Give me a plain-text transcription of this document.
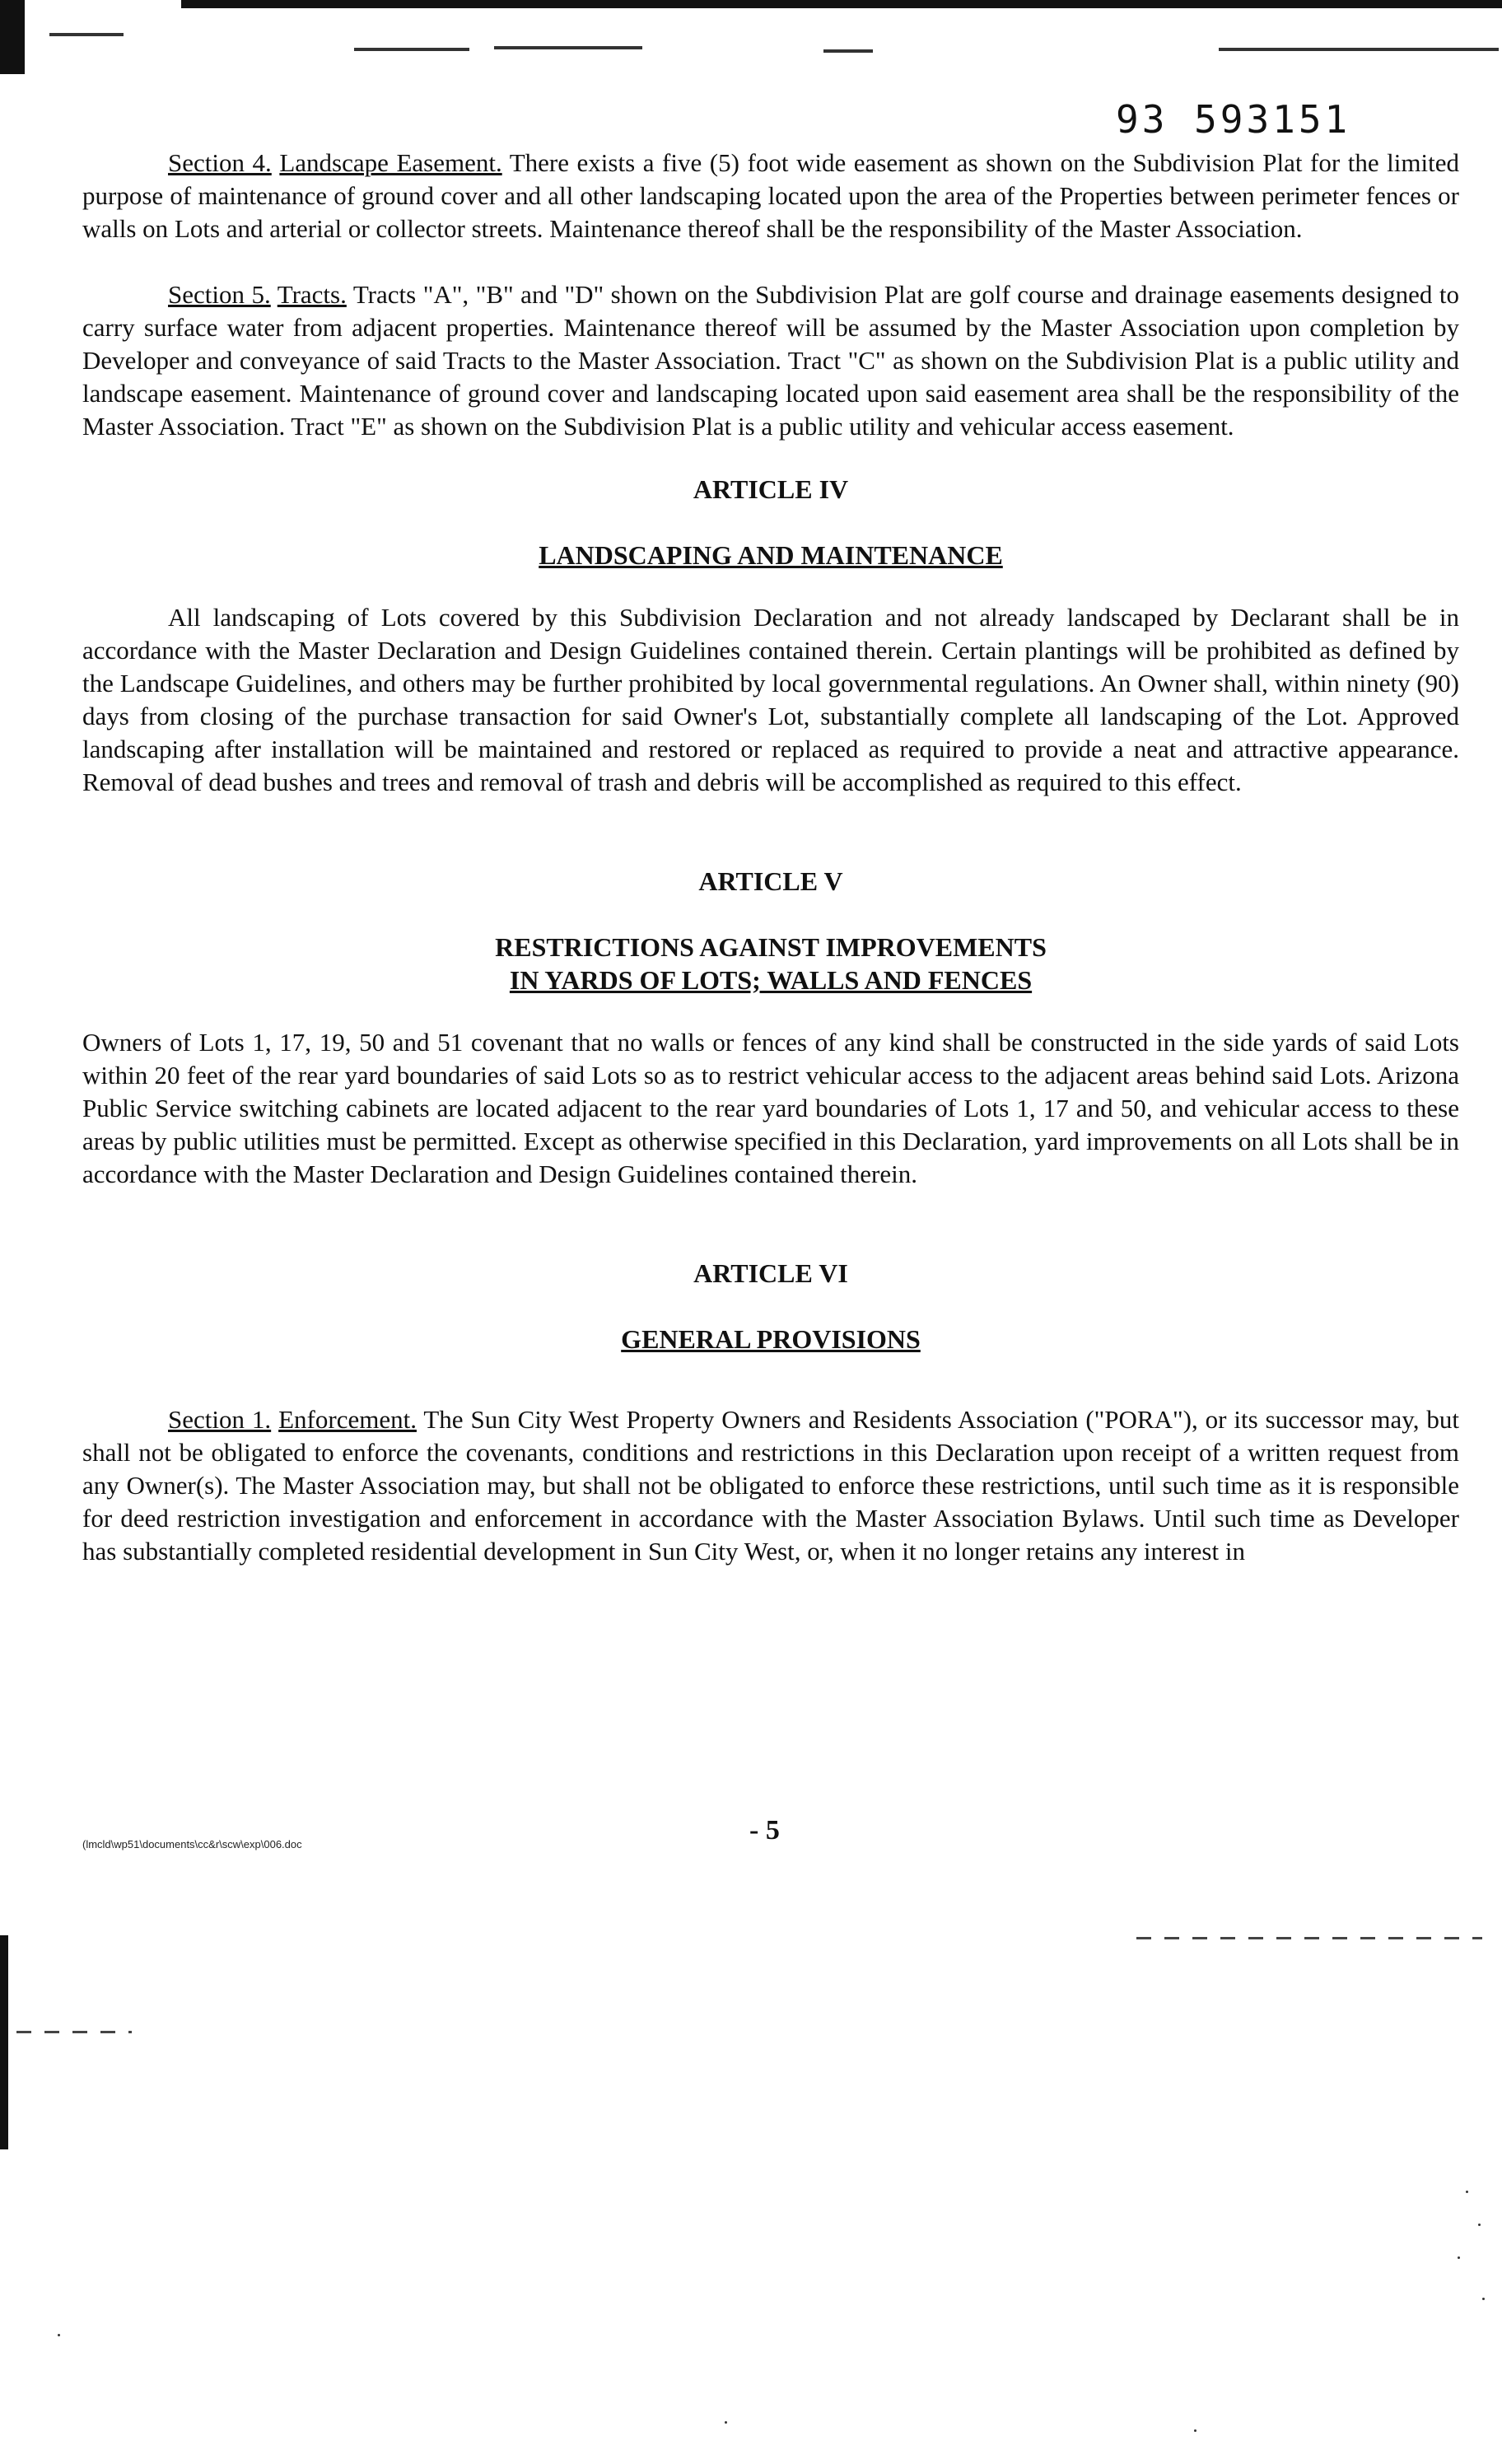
93 593151

Section 4. Landscape Easement. There exists a five (5) foot wide easement as shown on the Subdivision Plat for the limited purpose of maintenance of ground cover and all other landscaping located upon the area of the Properties between perimeter fences or walls on Lots and arterial or collector streets. Maintenance thereof shall be the responsibility of the Master Association.

Section 5. Tracts. Tracts "A", "B" and "D" shown on the Subdivision Plat are golf course and drainage easements designed to carry surface water from adjacent properties. Maintenance thereof will be assumed by the Master Association upon completion by Developer and conveyance of said Tracts to the Master Association. Tract "C" as shown on the Subdivision Plat is a public utility and landscape easement. Maintenance of ground cover and landscaping located upon said easement area shall be the responsibility of the Master Association. Tract "E" as shown on the Subdivision Plat is a public utility and vehicular access easement.

ARTICLE IV
LANDSCAPING AND MAINTENANCE

All landscaping of Lots covered by this Subdivision Declaration and not already landscaped by Declarant shall be in accordance with the Master Declaration and Design Guidelines contained therein. Certain plantings will be prohibited as defined by the Landscape Guidelines, and others may be further prohibited by local governmental regulations. An Owner shall, within ninety (90) days from closing of the purchase transaction for said Owner's Lot, substantially complete all landscaping of the Lot. Approved landscaping after installation will be maintained and restored or replaced as required to provide a neat and attractive appearance. Removal of dead bushes and trees and removal of trash and debris will be accomplished as required to this effect.

ARTICLE V
RESTRICTIONS AGAINST IMPROVEMENTS
IN YARDS OF LOTS; WALLS AND FENCES

Owners of Lots 1, 17, 19, 50 and 51 covenant that no walls or fences of any kind shall be constructed in the side yards of said Lots within 20 feet of the rear yard boundaries of said Lots so as to restrict vehicular access to the adjacent areas behind said Lots. Arizona Public Service switching cabinets are located adjacent to the rear yard boundaries of Lots 1, 17 and 50, and vehicular access to these areas by public utilities must be permitted. Except as otherwise specified in this Declaration, yard improvements on all Lots shall be in accordance with the Master Declaration and Design Guidelines contained therein.

ARTICLE VI
GENERAL PROVISIONS

Section 1. Enforcement. The Sun City West Property Owners and Residents Association ("PORA"), or its successor may, but shall not be obligated to enforce the covenants, conditions and restrictions in this Declaration upon receipt of a written request from any Owner(s). The Master Association may, but shall not be obligated to enforce these restrictions, until such time as it is responsible for deed restriction investigation and enforcement in accordance with the Master Association Bylaws. Until such time as Developer has substantially completed residential development in Sun City West, or, when it no longer retains any interest in

(lmcld\wp51\documents\cc&r\scw\exp\006.doc	- 5
